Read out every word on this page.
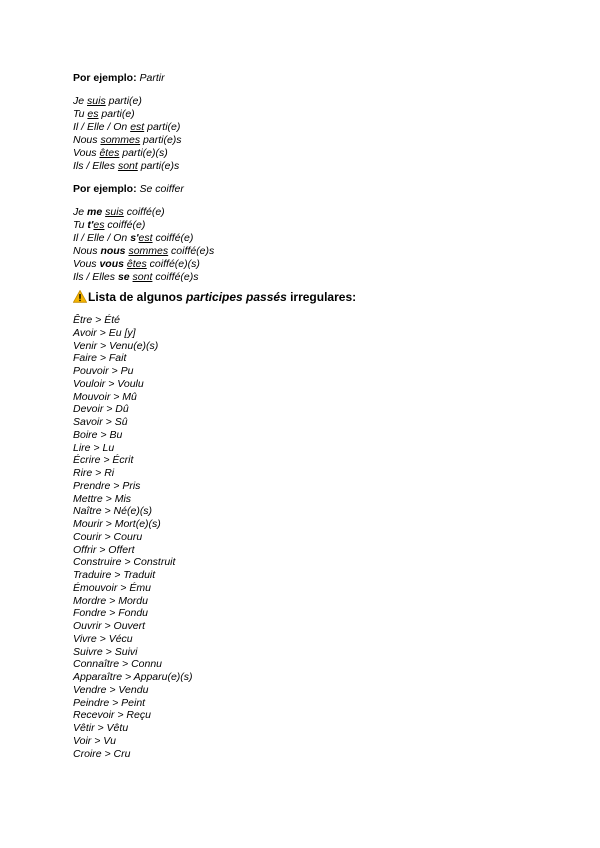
Por ejemplo: Partir
Je suis parti(e)
Tu es parti(e)
Il / Elle / On est parti(e)
Nous sommes parti(e)s
Vous êtes parti(e)(s)
Ils / Elles sont parti(e)s
Por ejemplo: Se coiffer
Je me suis coiffé(e)
Tu t'es coiffé(e)
Il / Elle / On s'est coiffé(e)
Nous nous sommes coiffé(e)s
Vous vous êtes coiffé(e)(s)
Ils / Elles se sont coiffé(e)s
Lista de algunos participes passés irregulares:
Être > Été
Avoir > Eu [y]
Venir > Venu(e)(s)
Faire > Fait
Pouvoir > Pu
Vouloir > Voulu
Mouvoir > Mû
Devoir > Dû
Savoir > Sû
Boire > Bu
Lire > Lu
Écrire > Écrit
Rire > Ri
Prendre > Pris
Mettre > Mis
Naître > Né(e)(s)
Mourir > Mort(e)(s)
Courir > Couru
Offrir > Offert
Construire > Construit
Traduire > Traduit
Émouvoir > Ému
Mordre > Mordu
Fondre > Fondu
Ouvrir > Ouvert
Vivre > Vécu
Suivre > Suivi
Connaître > Connu
Apparaître > Apparu(e)(s)
Vendre > Vendu
Peindre > Peint
Recevoir > Reçu
Vêtir > Vêtu
Voir > Vu
Croire > Cru
